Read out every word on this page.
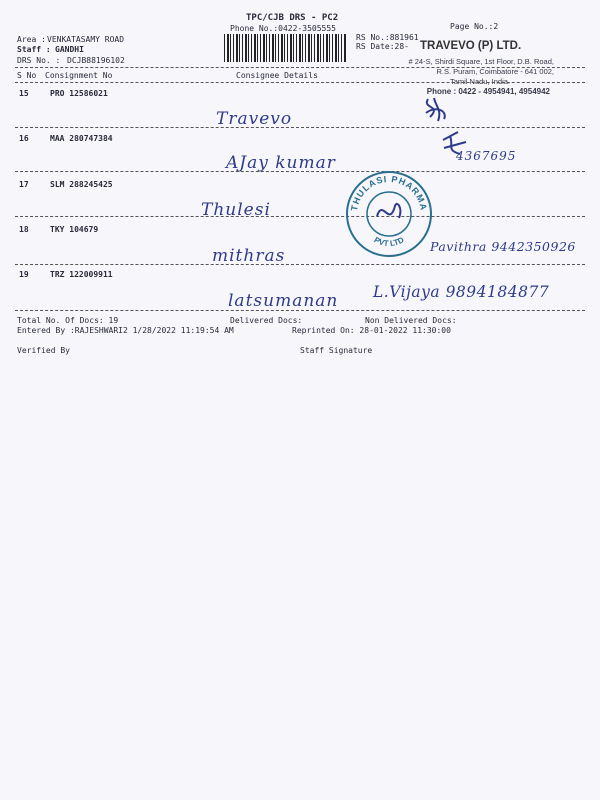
TPC/CJB DRS - PC2
Phone No.:0422-3505555	Page No.:2
Area : VENKATASAMY ROAD
Staff : GANDHI
DRS No. : DCJB88196102
RS No.:881961
RS Date:28- TRAVEVO (P) LTD.
# 24-S, Shirdi Square, 1st Floor, D.B. Road,
R.S. Puram, Coimbatore - 641 002,
Tamil Nadu, India.
Phone : 0422 - 4954941, 4954942
S No Consignment No	Consignee Details
15	PRO 12586021
Travevo
16	MAA 280747384
AJay kumar	4367695
17	SLM 288245425
Thulesi
18	TKY 104679
mithras	Pavithra 9442350926
19	TRZ 122009911
latsumanan L.Vijaya 9894184877
THULASI PHARMA
PVT LTD
Total No. Of Docs: 19	Delivered Docs:	Non Delivered Docs:
Entered By :RAJESHWARI2 1/28/2022 11:19:54 AM	Reprinted On: 28-01-2022 11:30:00
Verified By	Staff Signature
